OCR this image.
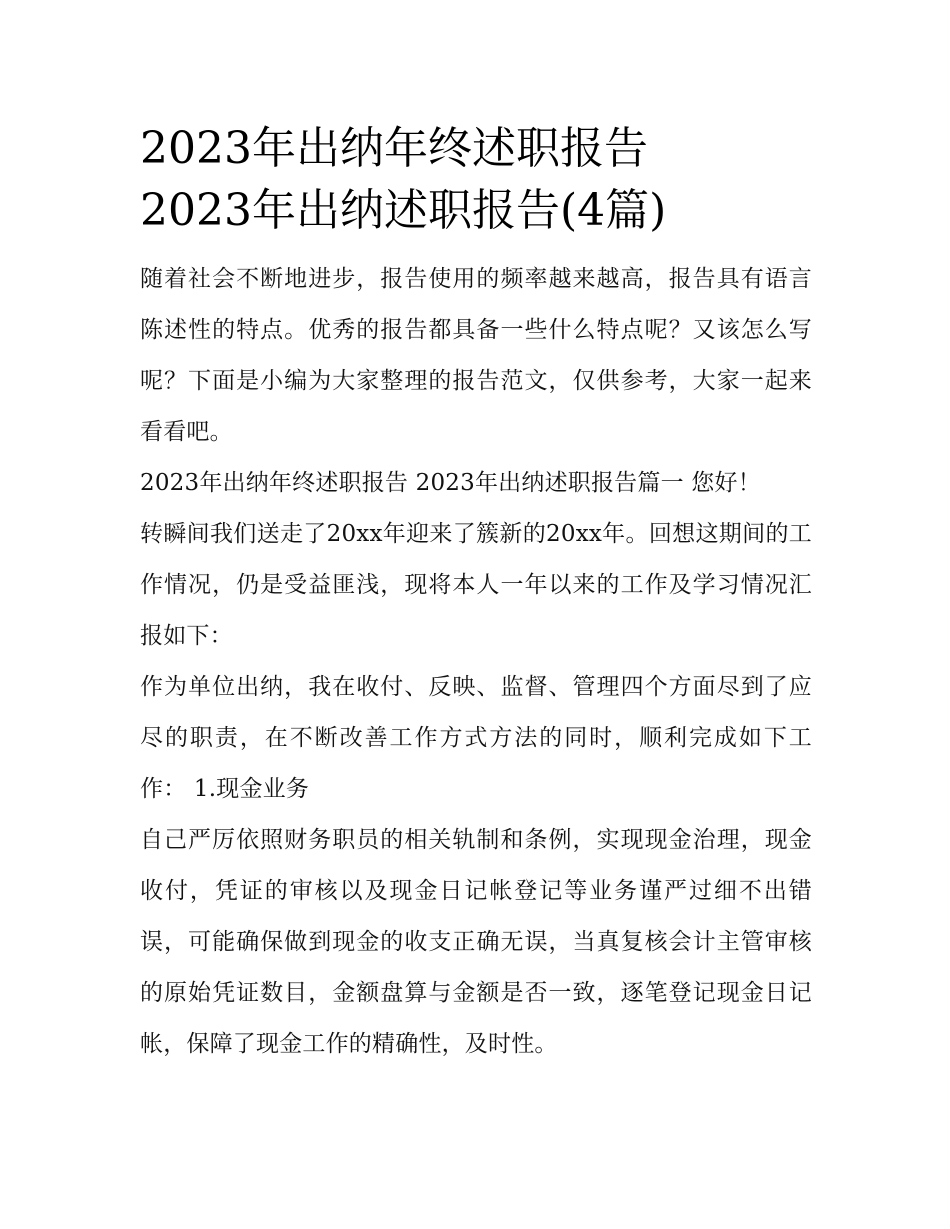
2023年出纳年终述职报告
2023年出纳述职报告(4篇)

随着社会不断地进步，报告使用的频率越来越高，报告具有语言陈述性的特点。优秀的报告都具备一些什么特点呢？又该怎么写呢？下面是小编为大家整理的报告范文，仅供参考，大家一起来看看吧。

2023年出纳年终述职报告 2023年出纳述职报告篇一 您好！

转瞬间我们送走了20xx年迎来了簇新的20xx年。回想这期间的工作情况，仍是受益匪浅，现将本人一年以来的工作及学习情况汇报如下：

作为单位出纳，我在收付、反映、监督、管理四个方面尽到了应尽的职责，在不断改善工作方式方法的同时，顺利完成如下工作： 1.现金业务

自己严厉依照财务职员的相关轨制和条例，实现现金治理，现金收付，凭证的审核以及现金日记帐登记等业务谨严过细不出错误，可能确保做到现金的收支正确无误，当真复核会计主管审核的原始凭证数目，金额盘算与金额是否一致，逐笔登记现金日记帐，保障了现金工作的精确性，及时性。
